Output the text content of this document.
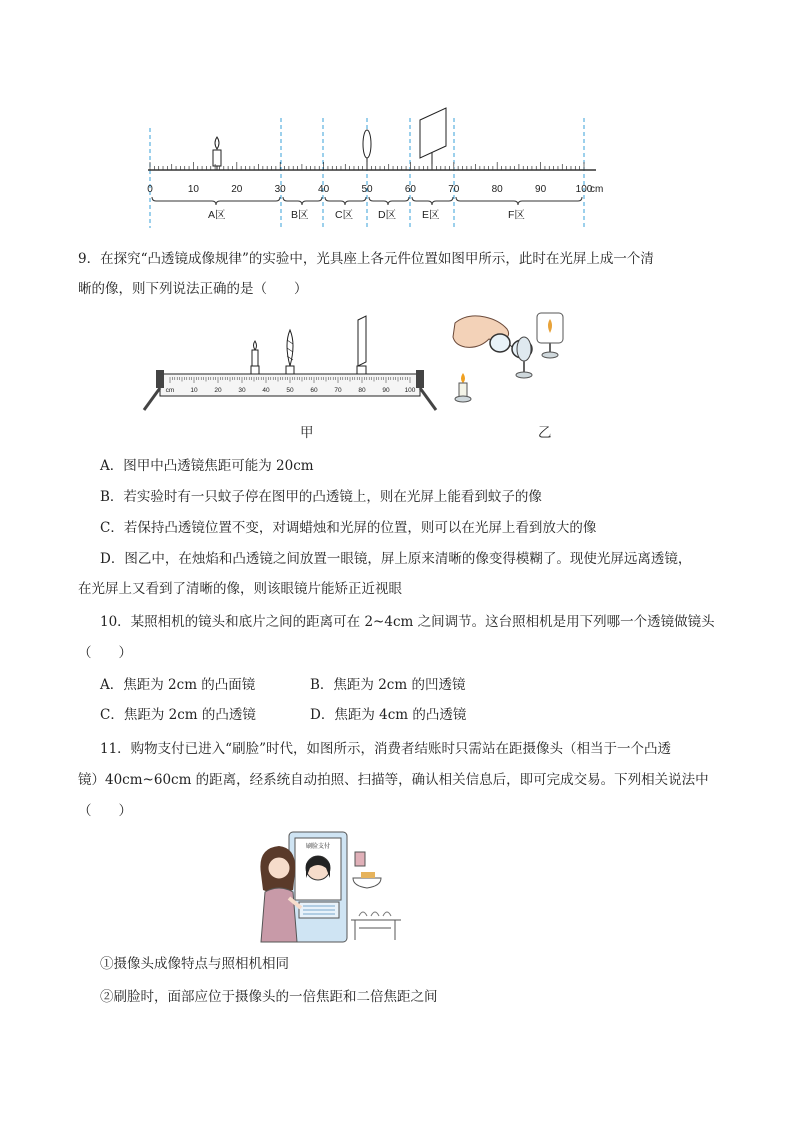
0	10	20	30	40	50	60	70	80	90	100
cm
A区	B区	C区 D区 E区	F区
9．在探究“凸透镜成像规律”的实验中，光具座上各元件位置如图甲所示，此时在光屏上成一个清
晰的像，则下列说法正确的是（　　）
cm 10	20	30	40	50	60	70	80	90 100
甲	乙
A．图甲中凸透镜焦距可能为 20cm
B．若实验时有一只蚊子停在图甲的凸透镜上，则在光屏上能看到蚊子的像
C．若保持凸透镜位置不变，对调蜡烛和光屏的位置，则可以在光屏上看到放大的像
D．图乙中，在烛焰和凸透镜之间放置一眼镜，屏上原来清晰的像变得模糊了。现使光屏远离透镜，
在光屏上又看到了清晰的像，则该眼镜片能矫正近视眼
10．某照相机的镜头和底片之间的距离可在 2~4cm 之间调节。这台照相机是用下列哪一个透镜做镜头
（　　）
A．焦距为 2cm 的凸面镜	B．焦距为 2cm 的凹透镜
C．焦距为 2cm 的凸透镜	D．焦距为 4cm 的凸透镜
11．购物支付已进入“刷脸”时代，如图所示，消费者结账时只需站在距摄像头（相当于一个凸透
镜）40cm~60cm 的距离，经系统自动拍照、扫描等，确认相关信息后，即可完成交易。下列相关说法中
（　　）
刷脸支付
①摄像头成像特点与照相机相同
②刷脸时，面部应位于摄像头的一倍焦距和二倍焦距之间
